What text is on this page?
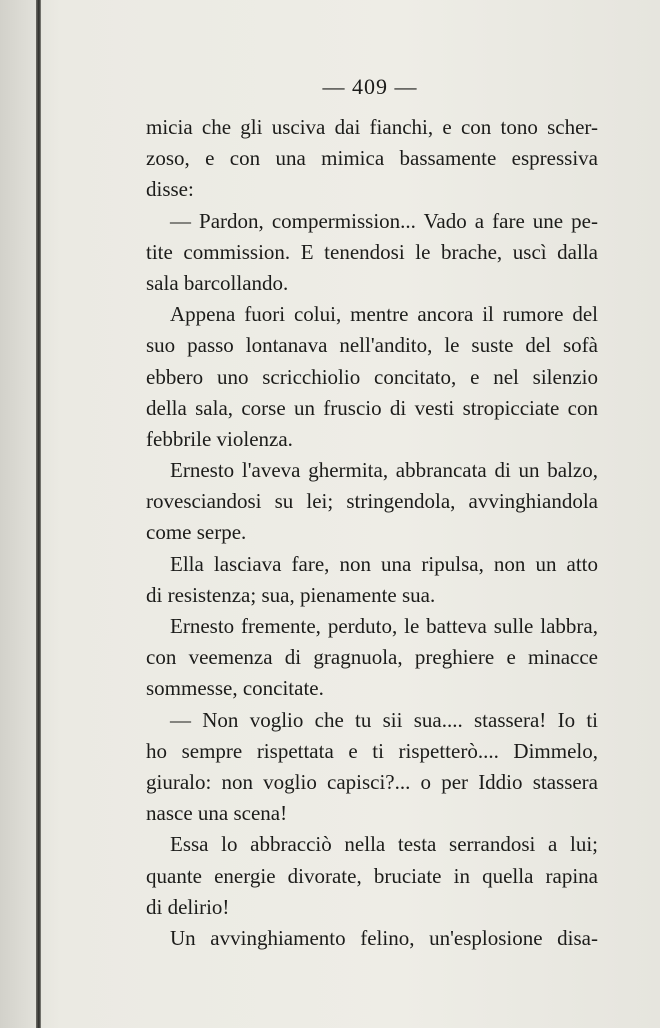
— 409 —
micia che gli usciva dai fianchi, e con tono scher-
zoso, e con una mimica bassamente espressiva
disse:
— Pardon, compermission... Vado a fare une pe-
tite commission. E tenendosi le brache, uscì dalla
sala barcollando.
Appena fuori colui, mentre ancora il rumore del
suo passo lontanava nell'andito, le suste del sofà
ebbero uno scricchiolio concitato, e nel silenzio
della sala, corse un fruscio di vesti stropicciate con
febbrile violenza.
Ernesto l'aveva ghermita, abbrancata di un balzo,
rovesciandosi su lei; stringendola, avvinghiandola
come serpe.
Ella lasciava fare, non una ripulsa, non un atto
di resistenza; sua, pienamente sua.
Ernesto fremente, perduto, le batteva sulle labbra,
con veemenza di gragnuola, preghiere e minacce
sommesse, concitate.
— Non voglio che tu sii sua.... stassera! Io ti
ho sempre rispettata e ti rispetterò.... Dimmelo,
giuralo: non voglio capisci?... o per Iddio stassera
nasce una scena!
Essa lo abbracciò nella testa serrandosi a lui;
quante energie divorate, bruciate in quella rapina
di delirio!
Un avvinghiamento felino, un'esplosione disa-
